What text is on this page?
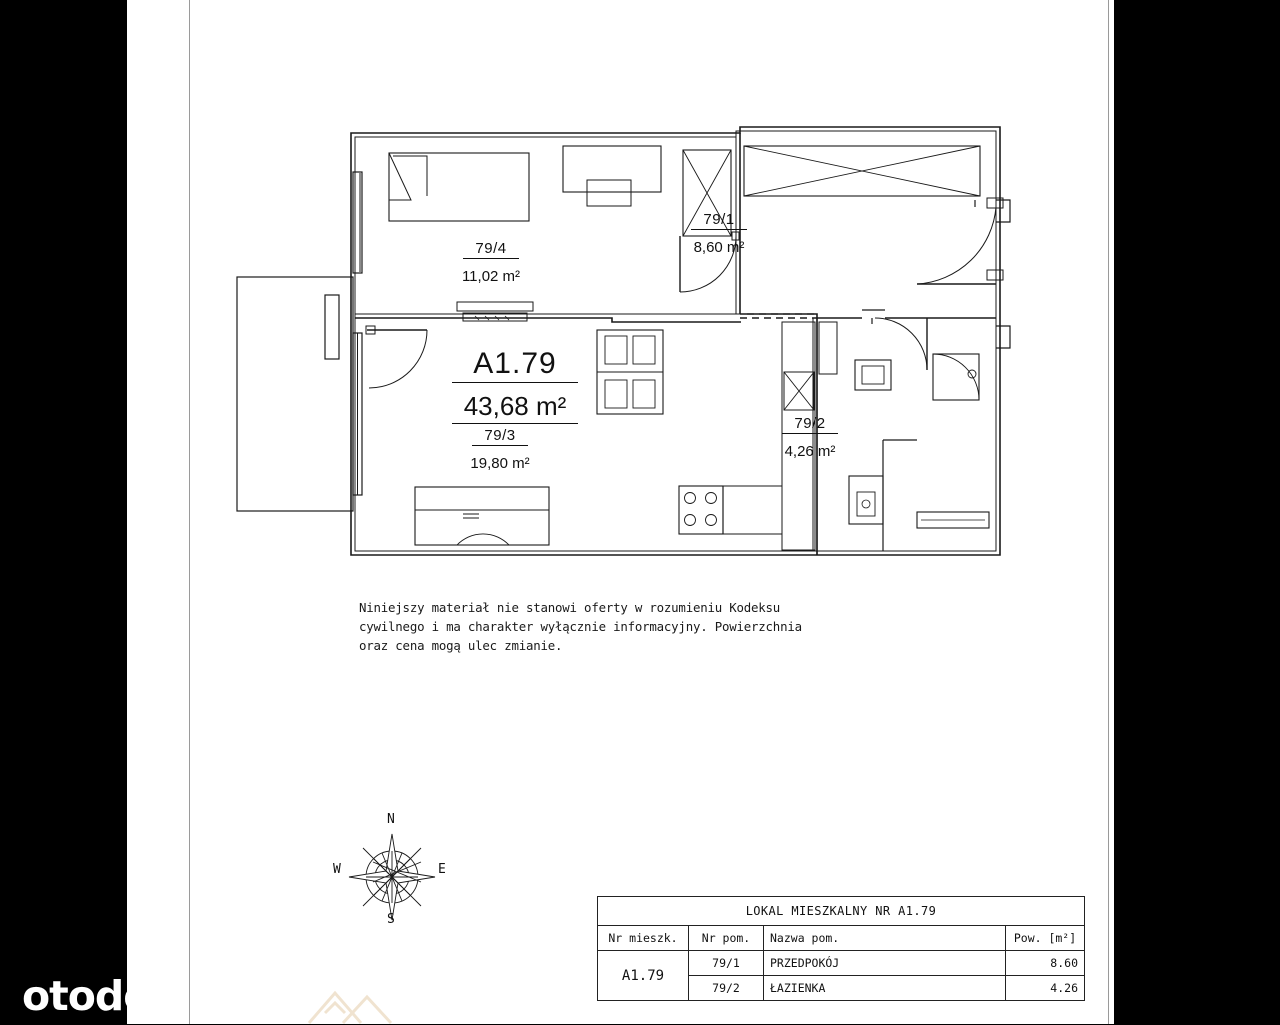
79/4
11,02 m²
79/1
8,60 m²
A1.79
43,68 m²
79/3
19,80 m²
79/2
4,26 m²
Niniejszy materiał nie stanowi oferty w rozumieniu Kodeksu
cywilnego i ma charakter wyłącznie informacyjny. Powierzchnia
oraz cena mogą ulec zmianie.
N
S
W	E
LOKAL MIESZKALNY NR A1.79			
Nr mieszk.	Nr pom.	Nazwa pom.	Pow. [m²]
A1.79	79/1	PRZEDPOKÓJ	8.60
	79/2	ŁAZIENKA	4.26
otodo
